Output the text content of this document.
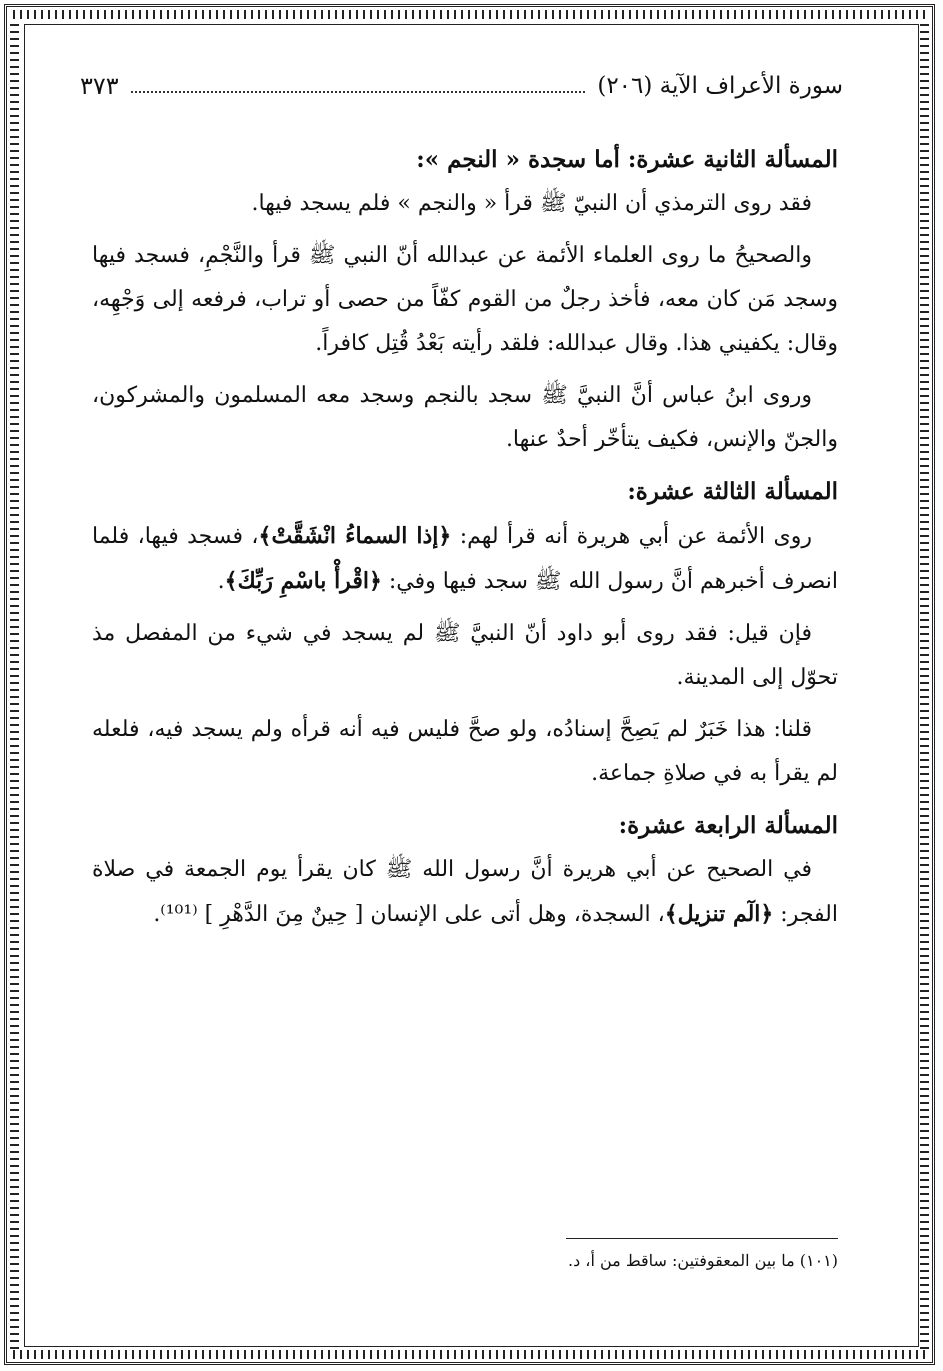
سورة الأعراف الآية (٢٠٦)
٣٧٣
المسألة الثانية عشرة: أما سجدة « النجم »:

فقد روى الترمذي أن النبيّ ﷺ قرأ « والنجم » فلم يسجد فيها.

والصحيحُ ما روى العلماء الأئمة عن عبدالله أنّ النبي ﷺ قرأ والنَّجْمِ، فسجد فيها وسجد مَن كان معه، فأخذ رجلٌ من القوم كفّاً من حصى أو تراب، فرفعه إلى وَجْهِه، وقال: يكفيني هذا. وقال عبدالله: فلقد رأيته بَعْدُ قُتِل كافراً.

وروى ابنُ عباس أنَّ النبيَّ ﷺ سجد بالنجم وسجد معه المسلمون والمشركون، والجنّ والإنس، فكيف يتأخّر أحدٌ عنها.

المسألة الثالثة عشرة:

روى الأئمة عن أبي هريرة أنه قرأ لهم: ﴿إذا السماءُ انْشَقَّتْ﴾، فسجد فيها، فلما انصرف أخبرهم أنَّ رسول الله ﷺ سجد فيها وفي: ﴿اقْرأْ باسْمِ رَبِّكَ﴾.

فإن قيل: فقد روى أبو داود أنّ النبيَّ ﷺ لم يسجد في شيء من المفصل مذ تحوّل إلى المدينة.

قلنا: هذا خَبَرٌ لم يَصِحَّ إسنادُه، ولو صحَّ فليس فيه أنه قرأه ولم يسجد فيه، فلعله لم يقرأ به في صلاةِ جماعة.

المسألة الرابعة عشرة:

في الصحيح عن أبي هريرة أنَّ رسول الله ﷺ كان يقرأ يوم الجمعة في صلاة الفجر: ﴿الٓم تنزيل﴾، السجدة، وهل أتى على الإنسان [ حِينٌ مِنَ الدَّهْرِ ] ⁽¹⁰¹⁾.

(١٠١) ما بين المعقوفتين: ساقط من أ، د.
